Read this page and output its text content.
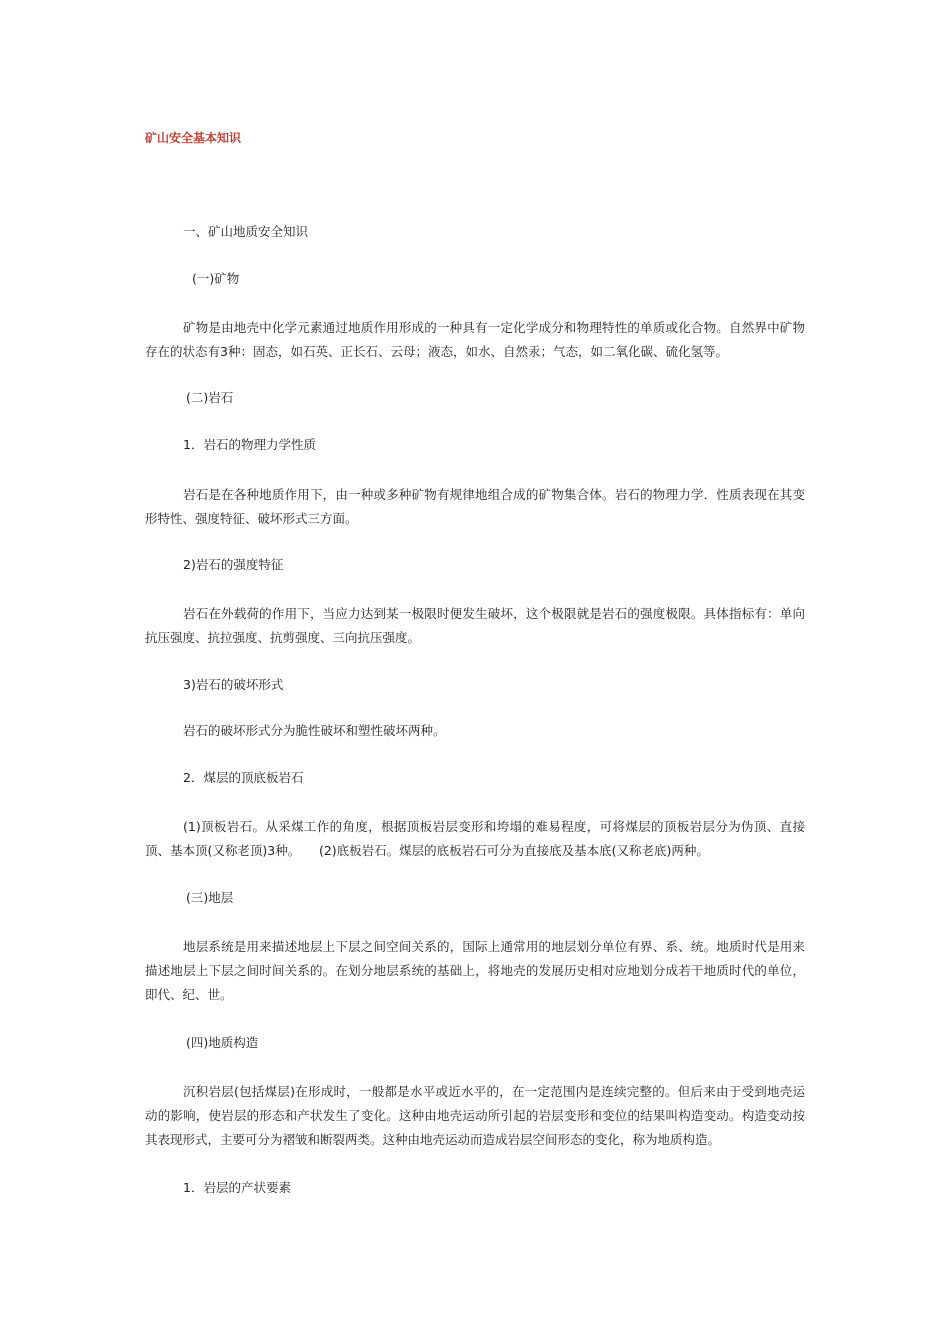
矿山安全基本知识
一、矿山地质安全知识
(一)矿物
矿物是由地壳中化学元素通过地质作用形成的一种具有一定化学成分和物理特性的单质或化合物。自然界中矿物存在的状态有3种：固态，如石英、正长石、云母；液态，如水、自然汞；气态，如二氧化碳、硫化氢等。
(二)岩石
1．岩石的物理力学性质
岩石是在各种地质作用下，由一种或多种矿物有规律地组合成的矿物集合体。岩石的物理力学．性质表现在其变形特性、强度特征、破坏形式三方面。
2)岩石的强度特征
岩石在外载荷的作用下，当应力达到某一极限时便发生破坏，这个极限就是岩石的强度极限。具体指标有：单向抗压强度、抗拉强度、抗剪强度、三向抗压强度。
3)岩石的破坏形式
岩石的破坏形式分为脆性破坏和塑性破坏两种。
2．煤层的顶底板岩石
(1)顶板岩石。从采煤工作的角度，根据顶板岩层变形和垮塌的难易程度，可将煤层的顶板岩层分为伪顶、直接顶、基本顶(又称老顶)3种。　　(2)底板岩石。煤层的底板岩石可分为直接底及基本底(又称老底)两种。
(三)地层
地层系统是用来描述地层上下层之间空间关系的，国际上通常用的地层划分单位有界、系、统。地质时代是用来描述地层上下层之间时间关系的。在划分地层系统的基础上，将地壳的发展历史相对应地划分成若干地质时代的单位，即代、纪、世。
(四)地质构造
沉积岩层(包括煤层)在形成时，一般都是水平或近水平的，在一定范围内是连续完整的。但后来由于受到地壳运动的影响，使岩层的形态和产状发生了变化。这种由地壳运动所引起的岩层变形和变位的结果叫构造变动。构造变动按其表现形式，主要可分为褶皱和断裂两类。这种由地壳运动而造成岩层空间形态的变化，称为地质构造。
1．岩层的产状要素
